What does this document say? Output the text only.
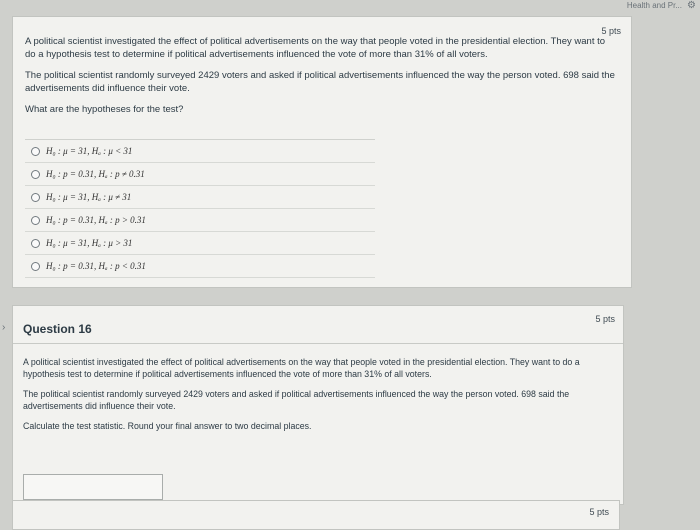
Health and Pr... ⚙
5 pts

A political scientist investigated the effect of political advertisements on the way that people voted in the presidential election. They want to do a hypothesis test to determine if political advertisements influenced the vote of more than 31% of all voters.

The political scientist randomly surveyed 2429 voters and asked if political advertisements influenced the way the person voted. 698 said the advertisements did influence their vote.

What are the hypotheses for the test?

H₀ : μ = 31, Hₐ : μ < 31
H₀ : p = 0.31, Hₐ : p ≠ 0.31
H₀ : μ = 31, Hₐ : μ ≠ 31
H₀ : p = 0.31, Hₐ : p > 0.31
H₀ : μ = 31, Hₐ : μ > 31
H₀ : p = 0.31, Hₐ : p < 0.31
› Question 16
5 pts

A political scientist investigated the effect of political advertisements on the way that people voted in the presidential election. They want to do a hypothesis test to determine if political advertisements influenced the vote of more than 31% of all voters.

The political scientist randomly surveyed 2429 voters and asked if political advertisements influenced the way the person voted. 698 said the advertisements did influence their vote.

Calculate the test statistic. Round your final answer to two decimal places.

5 pts
